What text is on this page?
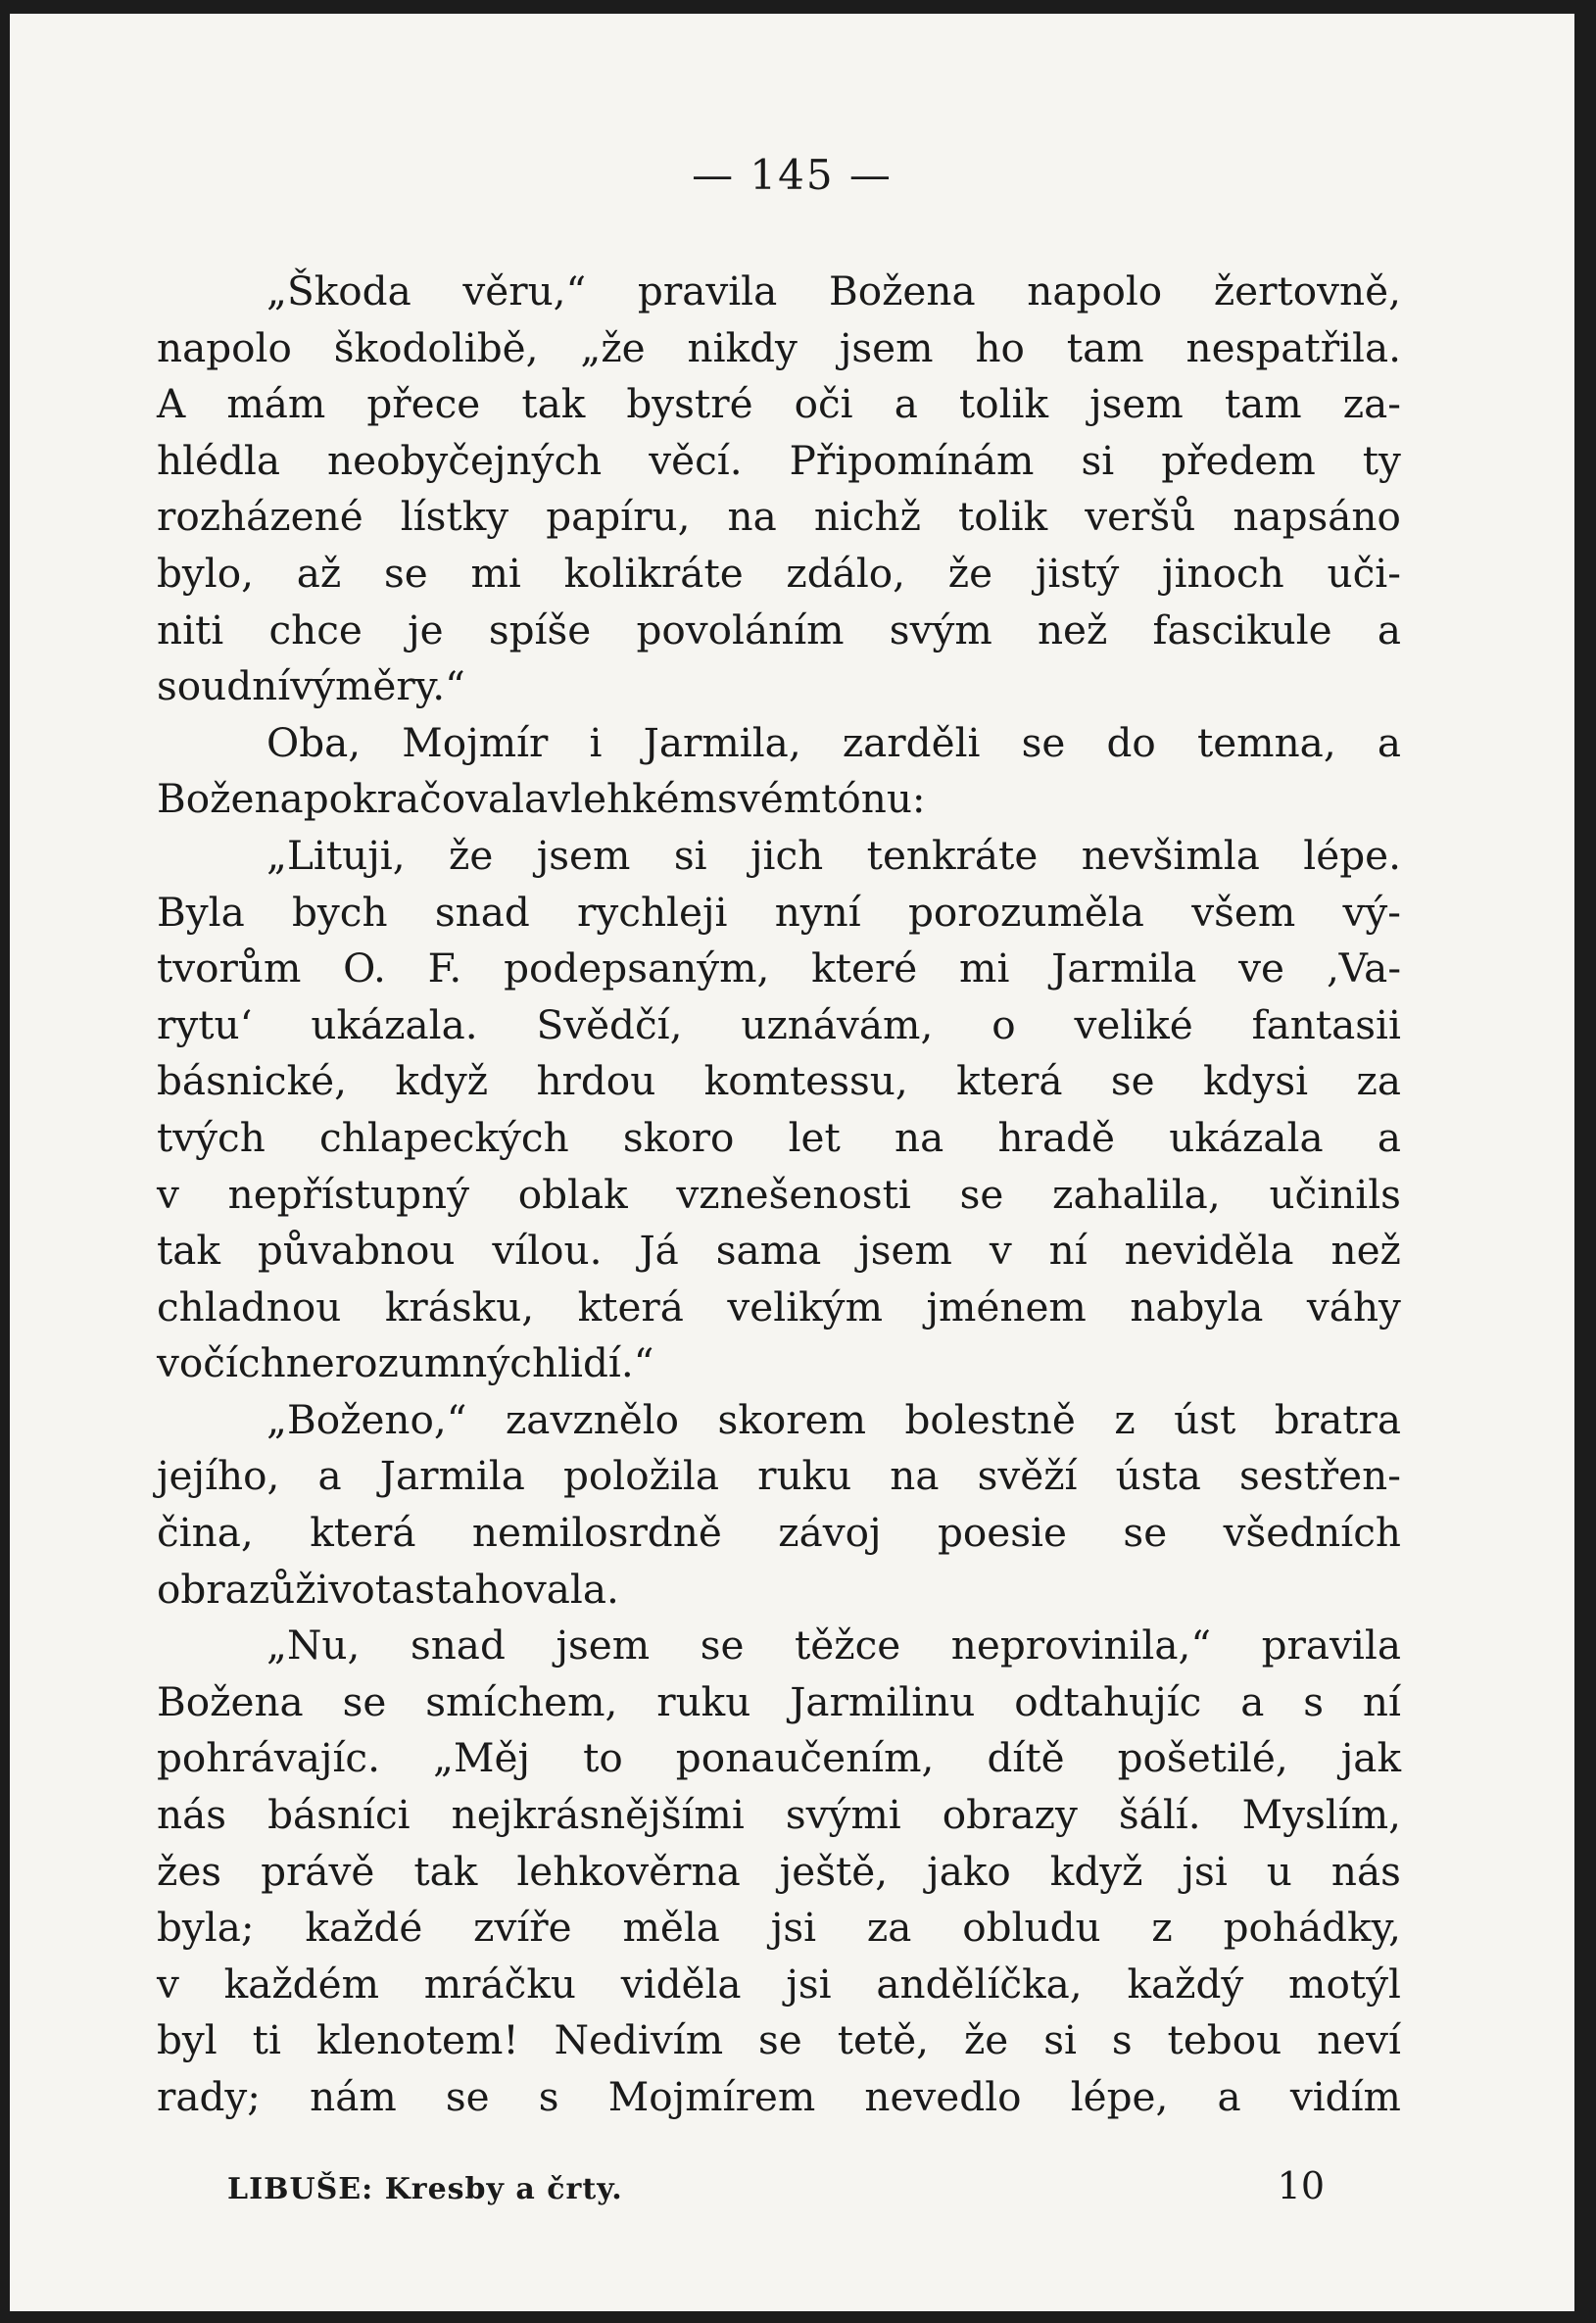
— 145 —
„Škoda věru,“ pravila Božena napolo žertovně,
napolo škodolibě, „že nikdy jsem ho tam nespatřila.
A mám přece tak bystré oči a tolik jsem tam za-
hlédla neobyčejných věcí. Připomínám si předem ty
rozházené lístky papíru, na nichž tolik veršů napsáno
bylo, až se mi kolikráte zdálo, že jistý jinoch uči-
niti chce je spíše povoláním svým než fascikule a
soudní výměry.“
Oba, Mojmír i Jarmila, zarděli se do temna, a
Božena pokračovala v lehkém svém tónu:
„Lituji, že jsem si jich tenkráte nevšimla lépe.
Byla bych snad rychleji nyní porozuměla všem vý-
tvorům O. F. podepsaným, které mi Jarmila ve ‚Va-
rytu‘ ukázala. Svědčí, uznávám, o veliké fantasii
básnické, když hrdou komtessu, která se kdysi za
tvých chlapeckých skoro let na hradě ukázala a
v nepřístupný oblak vznešenosti se zahalila, učinils
tak půvabnou vílou. Já sama jsem v ní neviděla než
chladnou krásku, která velikým jménem nabyla váhy
v očích nerozumných lidí.“
„Boženo,“ zavznělo skorem bolestně z úst bratra
jejího, a Jarmila položila ruku na svěží ústa sestřen-
čina, která nemilosrdně závoj poesie se všedních
obrazů života stahovala.
„Nu, snad jsem se těžce neprovinila,“ pravila
Božena se smíchem, ruku Jarmilinu odtahujíc a s ní
pohrávajíc. „Měj to ponaučením, dítě pošetilé, jak
nás básníci nejkrásnějšími svými obrazy šálí. Myslím,
žes právě tak lehkověrna ještě, jako když jsi u nás
byla; každé zvíře měla jsi za obludu z pohádky,
v každém mráčku viděla jsi andělíčka, každý motýl
byl ti klenotem! Nedivím se tetě, že si s tebou neví
rady; nám se s Mojmírem nevedlo lépe, a vidím
LIBUŠE: Kresby a črty.	10
